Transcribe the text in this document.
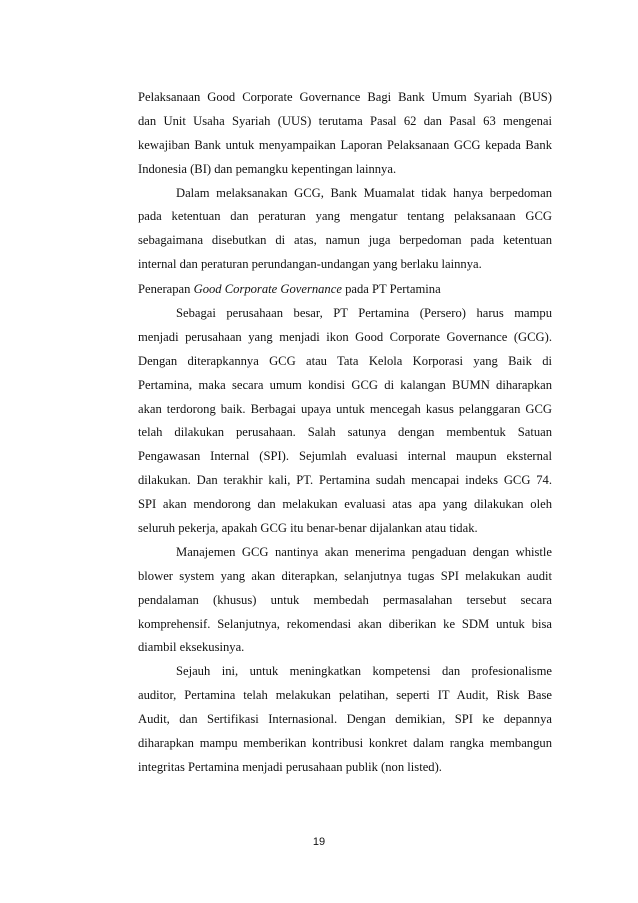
Pelaksanaan Good Corporate Governance Bagi Bank Umum Syariah (BUS)
dan Unit Usaha Syariah (UUS) terutama Pasal 62 dan Pasal 63 mengenai
kewajiban Bank untuk menyampaikan Laporan Pelaksanaan GCG kepada Bank
Indonesia (BI) dan pemangku kepentingan lainnya.
Dalam melaksanakan GCG, Bank Muamalat tidak hanya berpedoman
pada ketentuan dan peraturan yang mengatur tentang pelaksanaan GCG
sebagaimana disebutkan di atas, namun juga berpedoman pada ketentuan
internal dan peraturan perundangan-undangan yang berlaku lainnya.
Penerapan Good Corporate Governance pada PT Pertamina
Sebagai perusahaan besar, PT Pertamina (Persero) harus mampu
menjadi perusahaan yang menjadi ikon Good Corporate Governance (GCG).
Dengan diterapkannya GCG atau Tata Kelola Korporasi yang Baik di
Pertamina, maka secara umum kondisi GCG di kalangan BUMN diharapkan
akan terdorong baik. Berbagai upaya untuk mencegah kasus pelanggaran GCG
telah dilakukan perusahaan. Salah satunya dengan membentuk Satuan
Pengawasan Internal (SPI). Sejumlah evaluasi internal maupun eksternal
dilakukan. Dan terakhir kali, PT. Pertamina sudah mencapai indeks GCG 74.
SPI akan mendorong dan melakukan evaluasi atas apa yang dilakukan oleh
seluruh pekerja, apakah GCG itu benar-benar dijalankan atau tidak.
Manajemen GCG nantinya akan menerima pengaduan dengan whistle
blower system yang akan diterapkan, selanjutnya tugas SPI melakukan audit
pendalaman (khusus) untuk membedah permasalahan tersebut secara
komprehensif. Selanjutnya, rekomendasi akan diberikan ke SDM untuk bisa
diambil eksekusinya.
Sejauh ini, untuk meningkatkan kompetensi dan profesionalisme
auditor, Pertamina telah melakukan pelatihan, seperti IT Audit, Risk Base
Audit, dan Sertifikasi Internasional. Dengan demikian, SPI ke depannya
diharapkan mampu memberikan kontribusi konkret dalam rangka membangun
integritas Pertamina menjadi perusahaan publik (non listed).
19
